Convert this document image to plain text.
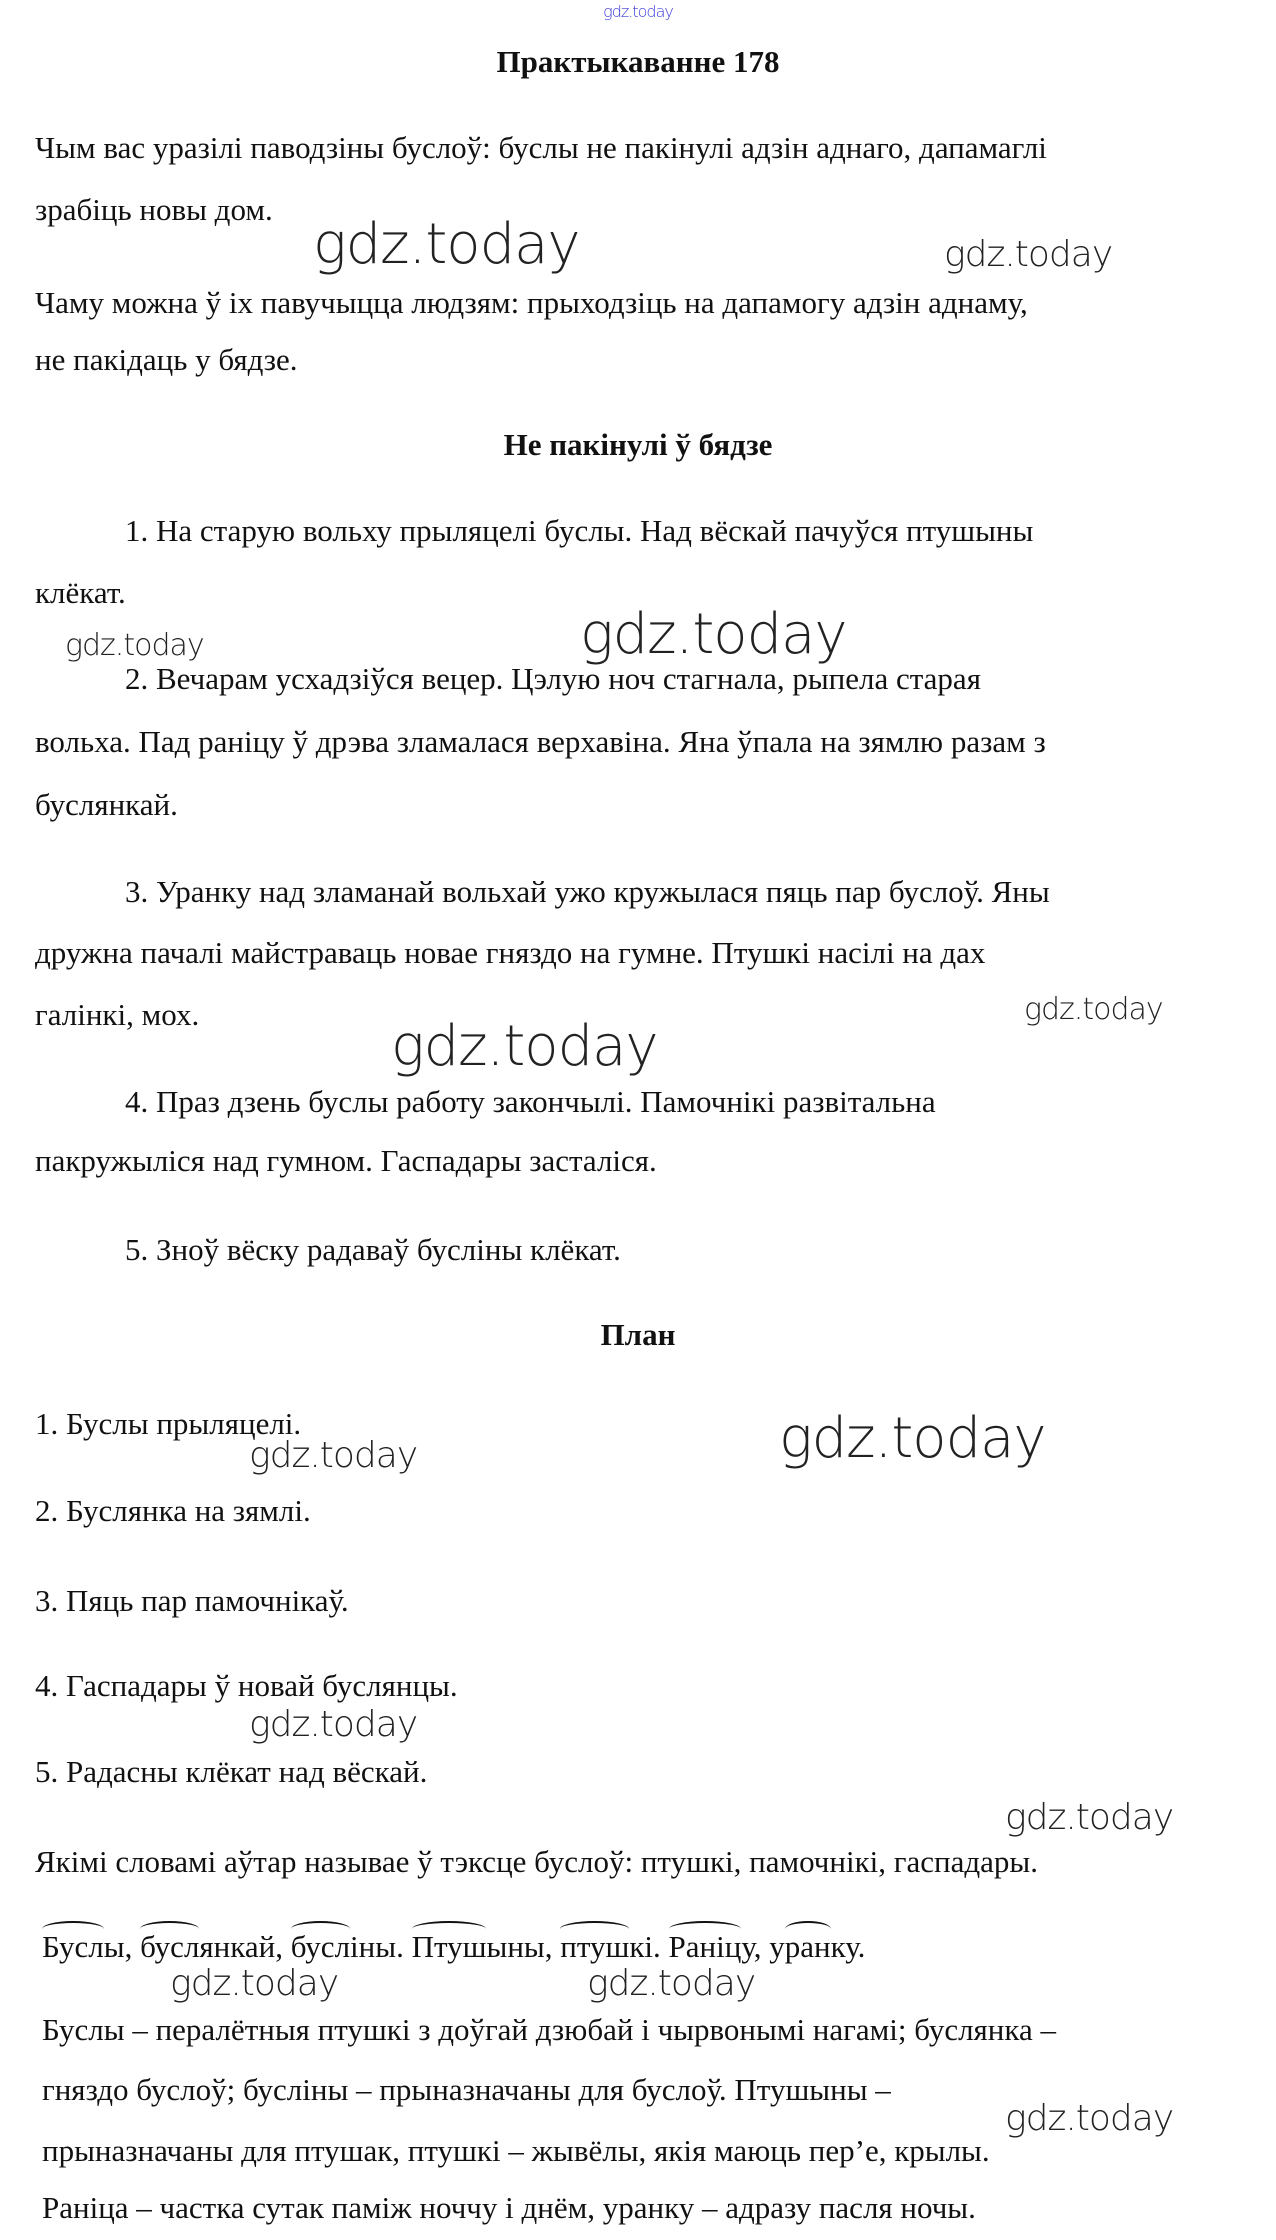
gdz.today
Практыкаванне 178
Чым вас уразілі паводзіны буслоў: буслы не пакінулі адзін аднаго, дапамаглі
зрабіць новы дом.
gdz.today	gdz.today
Чаму можна ў іх павучыцца людзям: прыходзіць на дапамогу адзін аднаму,
не пакідаць у бядзе.
Не пакінулі ў бядзе
1. На старую вольху прыляцелі буслы. Над вёскай пачуўся птушыны
клёкат.
gdz.today	gdz.today
2. Вечарам усхадзіўся вецер. Цэлую ноч стагнала, рыпела старая
вольха. Пад раніцу ў дрэва зламалася верхавіна. Яна ўпала на зямлю разам з
буслянкай.
3. Уранку над зламанай вольхай ужо кружылася пяць пар буслоў. Яны
дружна пачалі майстраваць новае гняздо на гумне. Птушкі насілі на дах
галінкі, мох.	gdz.today
gdz.today
4. Праз дзень буслы работу закончылі. Памочнікі развітальна
пакружыліся над гумном. Гаспадары засталіся.
5. Зноў вёску радаваў бусліны клёкат.
План
1. Буслы прыляцелі.
gdz.today	gdz.today
2. Буслянка на зямлі.
3. Пяць пар памочнікаў.
4. Гаспадары ў новай буслянцы.
gdz.today
5. Радасны клёкат над вёскай.
gdz.today
Якімі словамі аўтар называе ў тэксце буслоў: птушкі, памочнікі, гаспадары.
Буслы, буслянкай, бусліны. Птушыны, птушкі. Раніцу, уранку.
gdz.today	gdz.today
Буслы – пералётныя птушкі з доўгай дзюбай і чырвонымі нагамі; буслянка –
гняздо буслоў; бусліны – прыназначаны для буслоў. Птушыны –
gdz.today
прыназначаны для птушак, птушкі – жывёлы, якія маюць пер’е, крылы.
Раніца – частка сутак паміж ноччу і днём, уранку – адразу пасля ночы.
